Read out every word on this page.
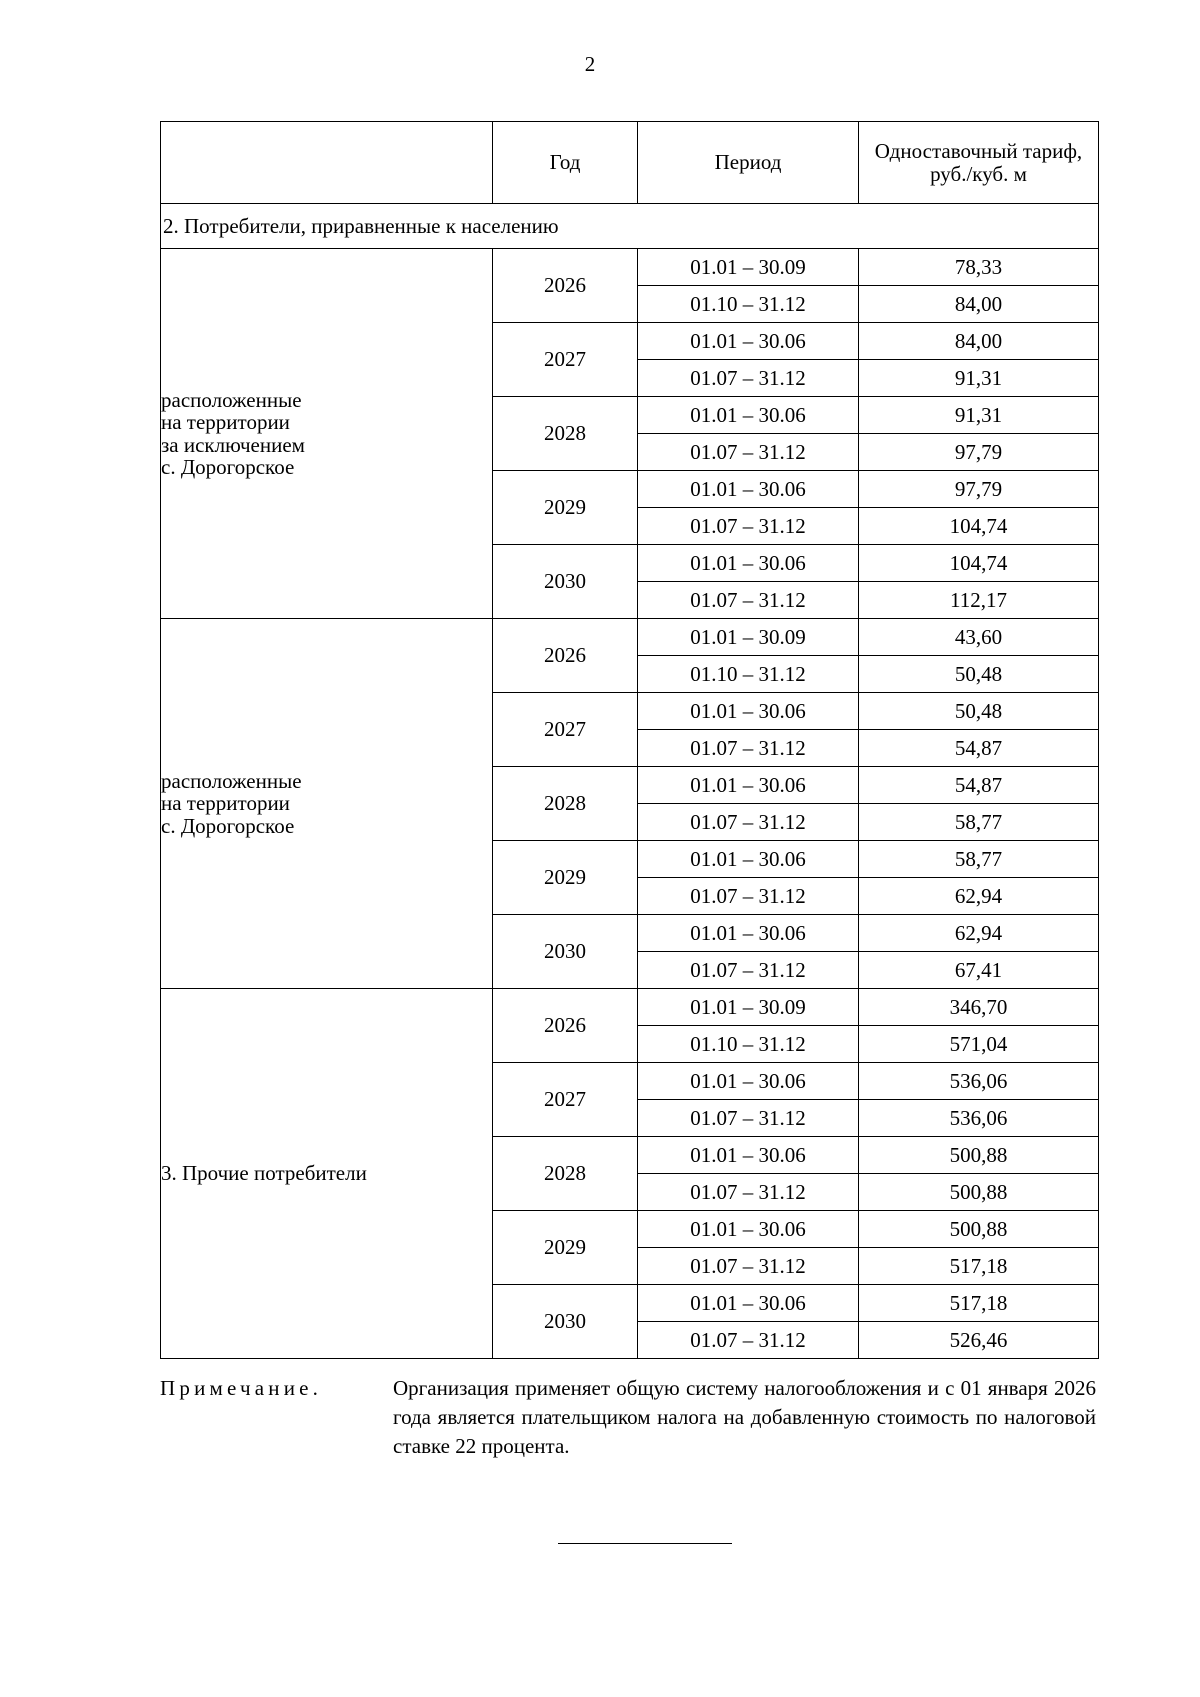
2
	Год	Период	Одноставочный тариф, руб./куб. м
2. Потребители, приравненные к населению			
расположенные
на территории
за исключением
с. Дорогорское	2026	01.01 – 30.09	78,33
		01.10 – 31.12	84,00
	2027	01.01 – 30.06	84,00
		01.07 – 31.12	91,31
	2028	01.01 – 30.06	91,31
		01.07 – 31.12	97,79
	2029	01.01 – 30.06	97,79
		01.07 – 31.12	104,74
	2030	01.01 – 30.06	104,74
		01.07 – 31.12	112,17
расположенные
на территории
с. Дорогорское	2026	01.01 – 30.09	43,60
		01.10 – 31.12	50,48
	2027	01.01 – 30.06	50,48
		01.07 – 31.12	54,87
	2028	01.01 – 30.06	54,87
		01.07 – 31.12	58,77
	2029	01.01 – 30.06	58,77
		01.07 – 31.12	62,94
	2030	01.01 – 30.06	62,94
		01.07 – 31.12	67,41
3. Прочие потребители	2026	01.01 – 30.09	346,70
		01.10 – 31.12	571,04
	2027	01.01 – 30.06	536,06
		01.07 – 31.12	536,06
	2028	01.01 – 30.06	500,88
		01.07 – 31.12	500,88
	2029	01.01 – 30.06	500,88
		01.07 – 31.12	517,18
	2030	01.01 – 30.06	517,18
		01.07 – 31.12	526,46
Примечание.	Организация применяет общую систему налогообложения и с 01 января 2026 года является плательщиком налога на добавленную стоимость по налоговой ставке 22 процента.
